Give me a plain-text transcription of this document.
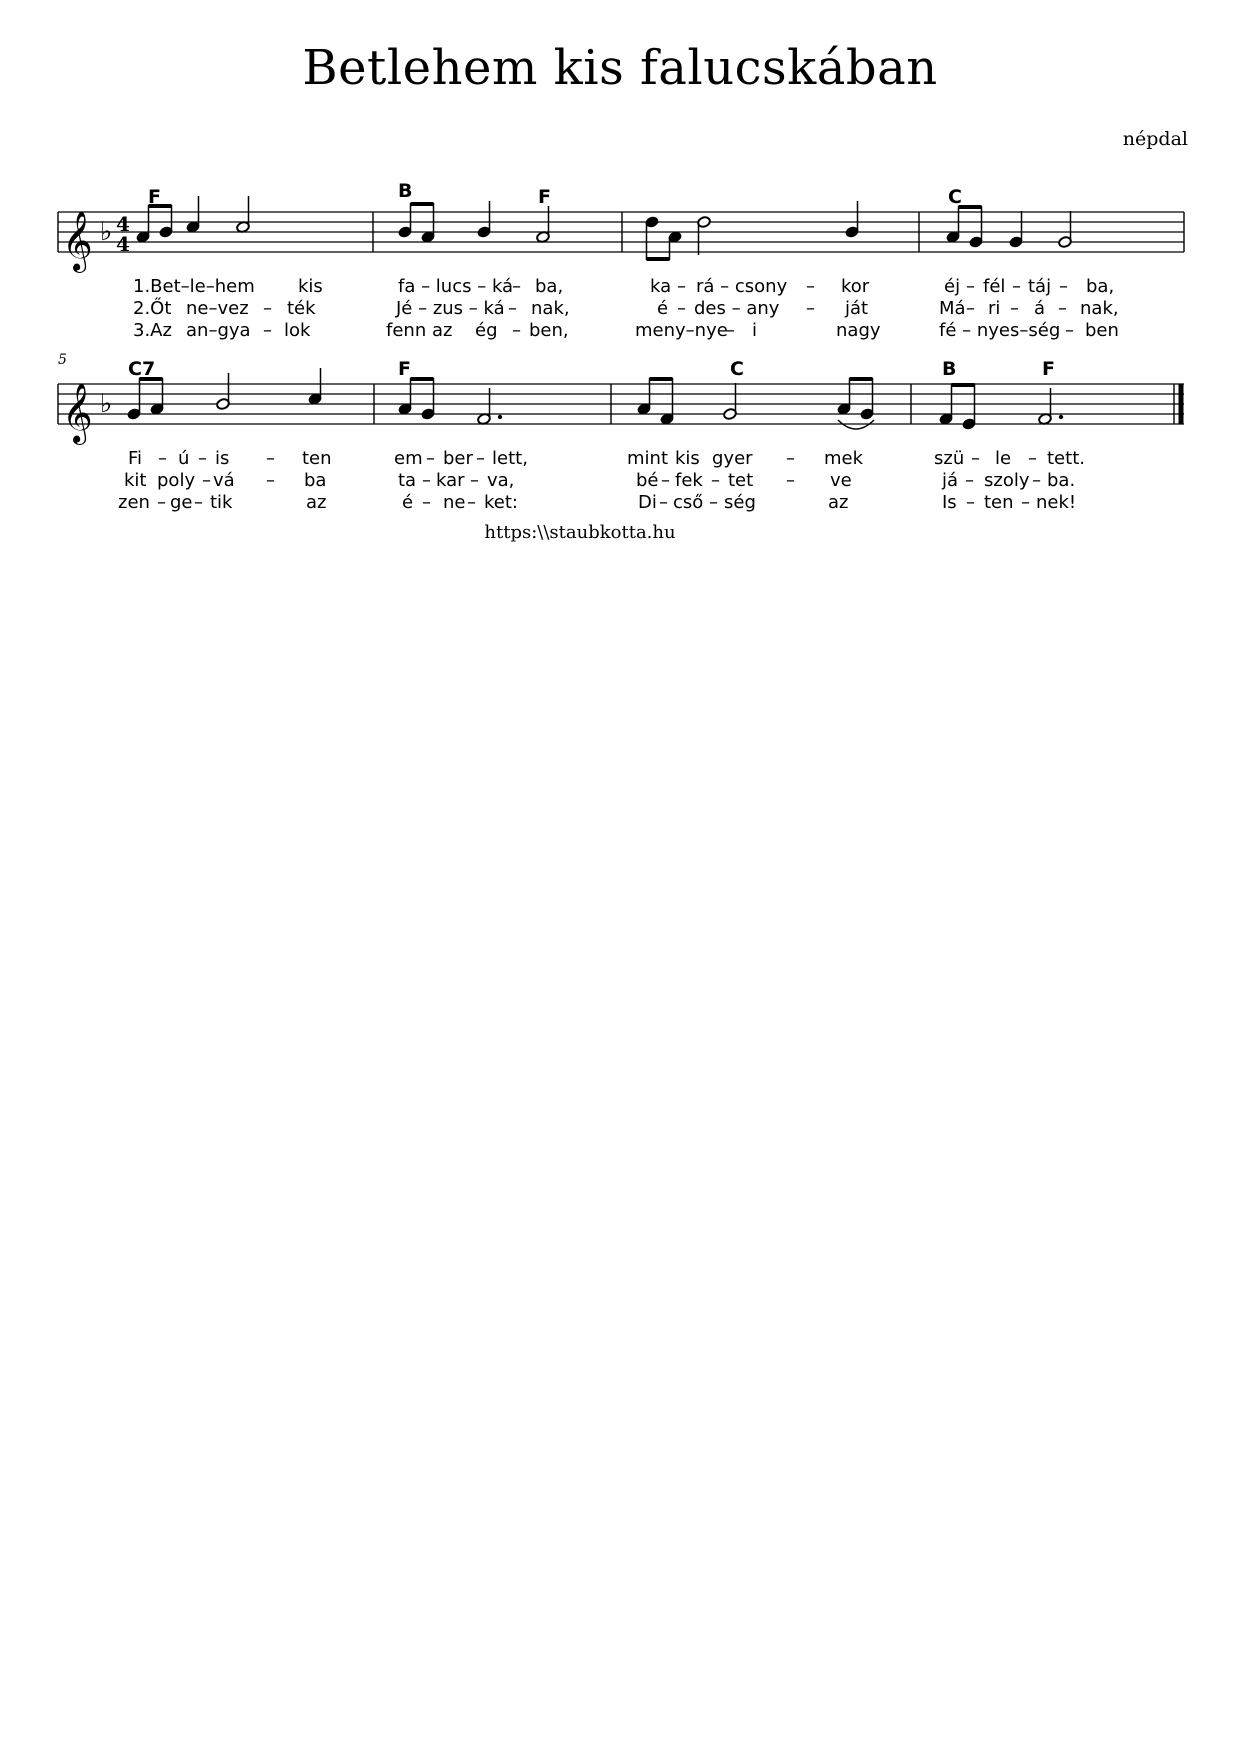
Betlehem kis falucskában
népdal
F	B	F	C
C7	F	C	B	F
5
𝄞 ♭ 4
4
𝄞 ♭
1.Bet–le–hem kis	fa – lucs – ká
– ba,	ka – rá – csony – kor	éj – fél – táj – ba,
2.Őt ne–vez – ték	Jé – zus – ká – nak,	é – des – any – ját	Má – ri – á – nak,
3.Az an–gya – lok	fenn az ég – ben,	meny–nye
– i	nagy	fé – nyes–ség – ben
Fi – ú – is – ten	em – ber – lett,	mint kis gyer – mek	szü – le – tett.
kit poly – vá – ba	ta – kar – va,	bé – fek – tet – ve	já – szoly – ba.
zen – ge – tik	az	é – ne – ket:	Di – cső – ség	az	Is – ten – nek!
https:\\staubkotta.hu
